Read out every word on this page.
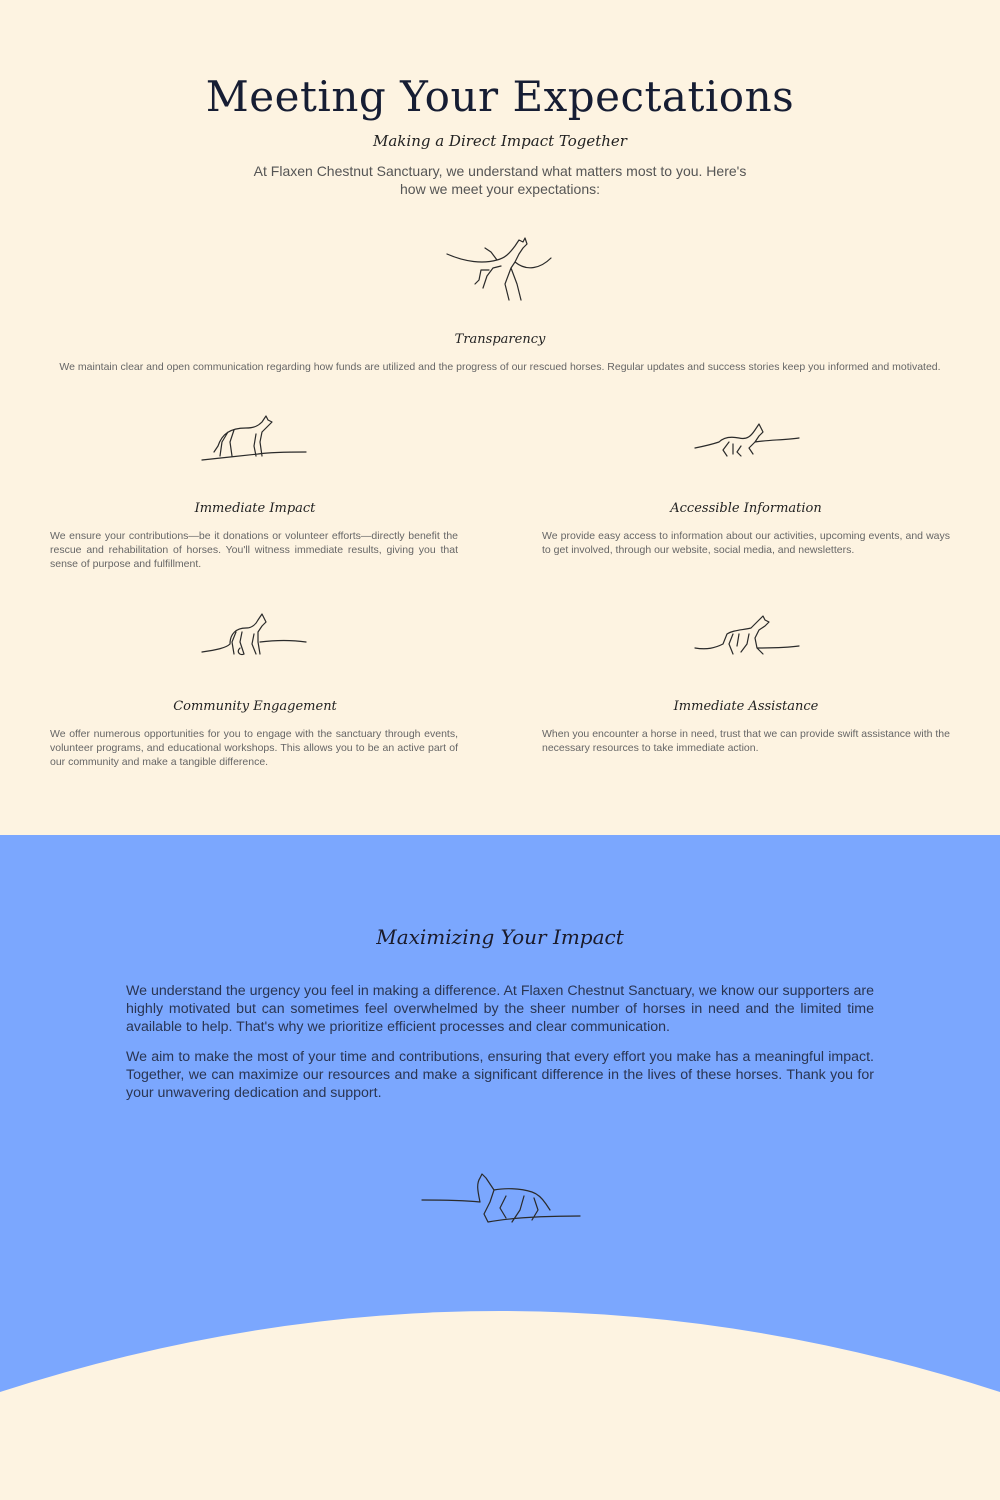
Meeting Your Expectations
Making a Direct Impact Together

At Flaxen Chestnut Sanctuary, we understand what matters most to you. Here's how we meet your expectations:

Transparency

We maintain clear and open communication regarding how funds are utilized and the progress of our rescued horses. Regular updates and success stories keep you informed and motivated.

Immediate Impact

We ensure your contributions—be it donations or volunteer efforts—directly benefit the rescue and rehabilitation of horses. You'll witness immediate results, giving you that sense of purpose and fulfillment.

Accessible Information

We provide easy access to information about our activities, upcoming events, and ways to get involved, through our website, social media, and newsletters.

Community Engagement

We offer numerous opportunities for you to engage with the sanctuary through events, volunteer programs, and educational workshops. This allows you to be an active part of our community and make a tangible difference.

Immediate Assistance

When you encounter a horse in need, trust that we can provide swift assistance with the necessary resources to take immediate action.

Maximizing Your Impact

We understand the urgency you feel in making a difference. At Flaxen Chestnut Sanctuary, we know our supporters are highly motivated but can sometimes feel overwhelmed by the sheer number of horses in need and the limited time available to help. That's why we prioritize efficient processes and clear communication.

We aim to make the most of your time and contributions, ensuring that every effort you make has a meaningful impact. Together, we can maximize our resources and make a significant difference in the lives of these horses. Thank you for your unwavering dedication and support.
